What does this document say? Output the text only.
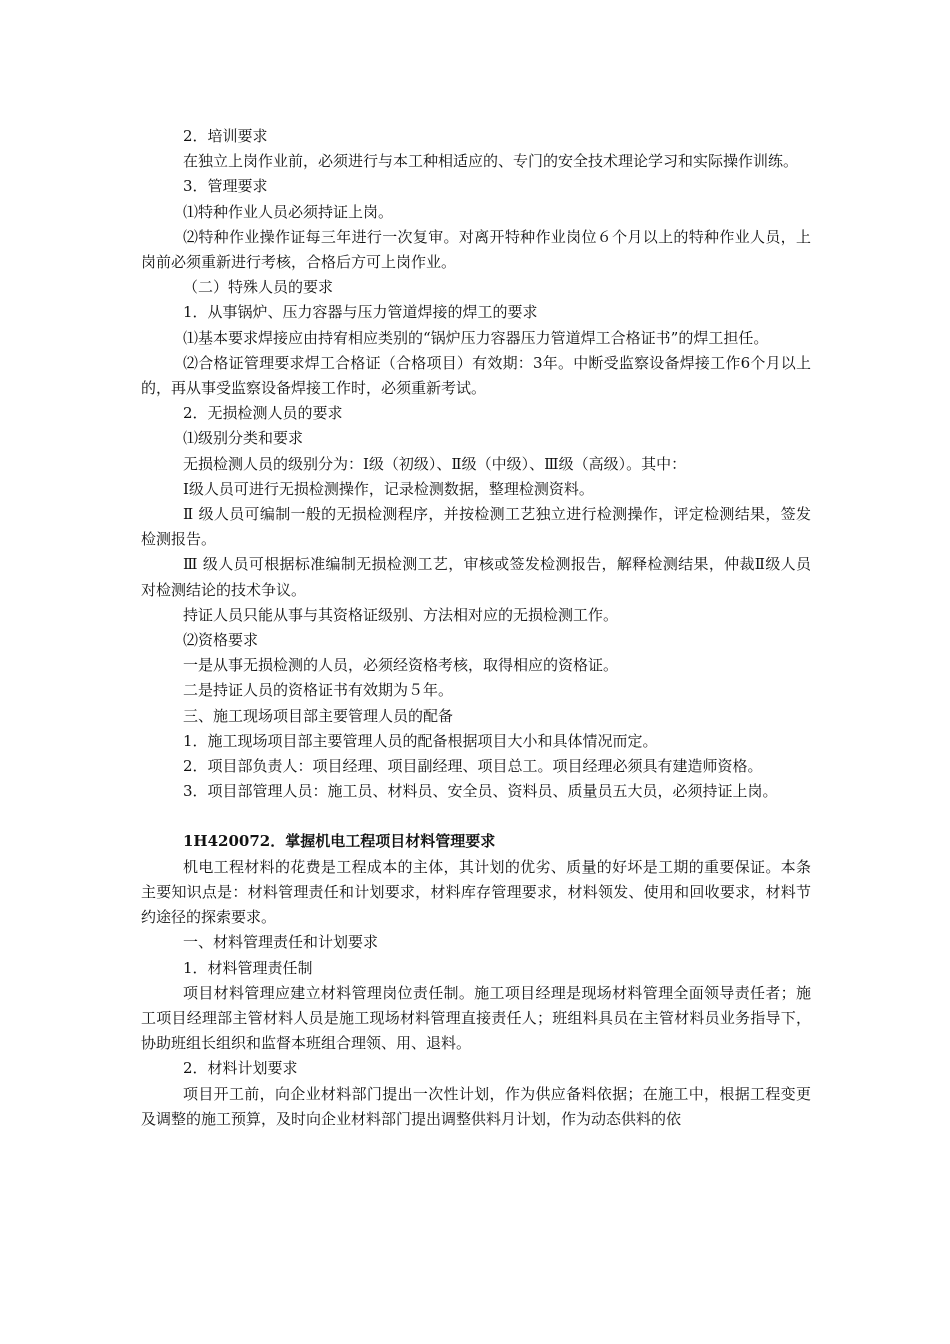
2．培训要求

在独立上岗作业前，必须进行与本工种相适应的、专门的安全技术理论学习和实际操作训练。

3．管理要求

⑴特种作业人员必须持证上岗。

⑵特种作业操作证每三年进行一次复审。对离开特种作业岗位６个月以上的特种作业人员，上岗前必须重新进行考核，合格后方可上岗作业。

（二）特殊人员的要求

1．从事锅炉、压力容器与压力管道焊接的焊工的要求

⑴基本要求焊接应由持宥相应类别的“锅炉压力容器压力管道焊工合格证书”的焊工担任。

⑵合格证管理要求焊工合格证（合格项目）有效期：3年。中断受监察设备焊接工作6个月以上的，再从事受监察设备焊接工作时，必须重新考试。

2．无损检测人员的要求

⑴级别分类和要求

无损检测人员的级别分为：Ⅰ级（初级）、Ⅱ级（中级）、Ⅲ级（高级）。其中：

Ⅰ级人员可进行无损检测操作，记录检测数据，整理检测资料。

Ⅱ 级人员可编制一般的无损检测程序，并按检测工艺独立进行检测操作，评定检测结果，签发检测报告。

Ⅲ 级人员可根据标准编制无损检测工艺，审核或签发检测报告，解释检测结果，仲裁Ⅱ级人员对检测结论的技术争议。

持证人员只能从事与其资格证级别、方法相对应的无损检测工作。

⑵资格要求

一是从事无损检测的人员，必须经资格考核，取得相应的资格证。

二是持证人员的资格证书有效期为５年。

三、施工现场项目部主要管理人员的配备

1．施工现场项目部主要管理人员的配备根据项目大小和具体情况而定。

2．项目部负责人：项目经理、项目副经理、项目总工。项目经理必须具有建造师资格。

3．项目部管理人员：施工员、材料员、安全员、资料员、质量员五大员，必须持证上岗。

1H420072．掌握机电工程项目材料管理要求

机电工程材料的花费是工程成本的主体，其计划的优劣、质量的好坏是工期的重要保证。本条主要知识点是：材料管理责任和计划要求，材料库存管理要求，材料领发、使用和回收要求，材料节约途径的探索要求。

一、材料管理责任和计划要求

1．材料管理责任制

项目材料管理应建立材料管理岗位责任制。施工项目经理是现场材料管理全面领导责任者；施工项目经理部主管材料人员是施工现场材料管理直接责任人；班组料具员在主管材料员业务指导下，协助班组长组织和监督本班组合理领、用、退料。

2．材料计划要求

项目开工前，向企业材料部门提出一次性计划，作为供应备料依据；在施工中，根据工程变更及调整的施工预算，及时向企业材料部门提出调整供料月计划，作为动态供料的依
